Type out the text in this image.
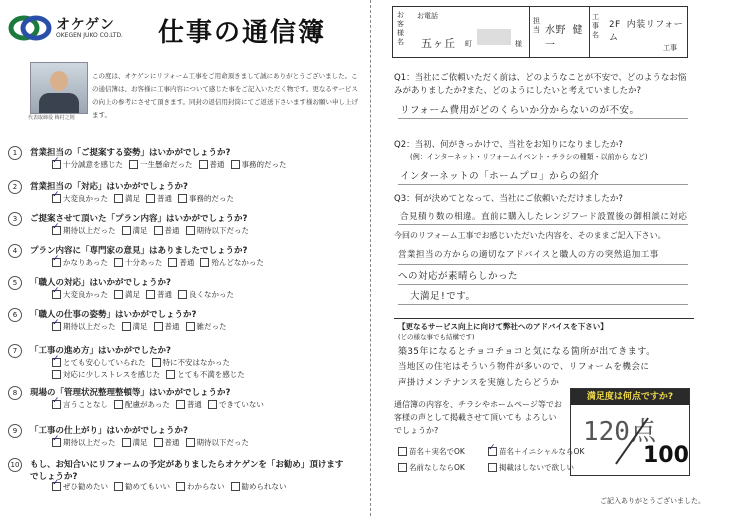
オケゲン
OKEGEN JUKO CO.LTD. 仕事の通信簿
代表取締役 梅村之則
この度は、オケゲンにリフォーム工事をご用命頂きまして誠にありがとうございました。この通信簿は、お客様に工事内容について感じた事をご記入いただく物です。更なるサービスの向上の参考にさせて頂きます。同封の返信用封筒にてご返送下さいます様お願い申し上げます。
1	営業担当の「ご提案する姿勢」はいかがでしょうか?
✓
十分誠意を感じた 一生懸命だった 普通 事務的だった
2	営業担当の「対応」はいかがでしょうか?
✓
大変良かった 満足 普通 事務的だった
3	ご提案させて頂いた「プラン内容」はいかがでしょうか?
✓
期待以上だった 満足 普通 期待以下だった
4	プラン内容に「専門家の意見」はありましたでしょうか?
✓
かなりあった 十分あった 普通 殆んどなかった
5	「職人の対応」はいかがでしょうか?
✓
大変良かった 満足 普通 良くなかった
6	「職人の仕事の姿勢」はいかがでしょうか?
✓
期待以上だった 満足 普通 雑だった
7	「工事の進め方」はいかがでしたか?
✓
とても安心していられた 特に不安はなかった
対応に少しストレスを感じた とても不満を感じた
8	現場の「管理状況整理整頓等」はいかがでしょうか?
✓
言うことなし 配慮があった 普通 できていない
9	「工事の仕上がり」はいかがでしょうか?
✓
期待以上だった 満足 普通 期待以下だった
10 もし、お知合いにリフォームの予定がありましたらオケゲンを「お勧め」頂けますでしょうか?
✓
ぜひ勧めたい 勧めてもいい わからない 勧められない
お客様名
お電話
五ヶ丘 町	様
担当 水野 健一
工事名
2F 内装リフォーム
工事
Q1：当社にご依頼いただく前は、どのようなことが不安で、どのようなお悩みがありましたか?また、どのようにしたいと考えていましたか?
リフォーム費用がどのくらいか分からないのが不安。
Q2：当初、何がきっかけで、当社をお知りになりましたか?
(例：インターネット・リフォームイベント・チラシの種類・以前から など)
インターネットの「ホームプロ」からの紹介
Q3：何が決めてとなって、当社にご依頼いただけましたか?
合見積り数の相違。直前に購入したレンジフード設置後の御相談に対応
今回のリフォーム工事でお感じいただいた内容を、そのままご記入下さい。
営業担当の方からの適切なアドバイスと職人の方の突然追加工事
への対応が素晴らしかった
大満足!です。
【更なるサービス向上に向けて弊社へのアドバイスを下さい】
(どの様な事でも結構です)
築35年になるとチョコチョコと気になる箇所が出てきます。
当地区の住宅はそういう物件が多いので、リフォームを機会に
声掛けメンテナンスを実施したらどうか
通信簿の内容を、チラシやホームページ等でお客様の声として掲載させて頂いても よろしいでしょうか?
苗名＋実名でOK
✓	苗名＋イニシャルならOK
名前なしならOK	掲載はしないで欲しい
満足度は何点ですか?
120点
100
ご記入ありがとうございました。
